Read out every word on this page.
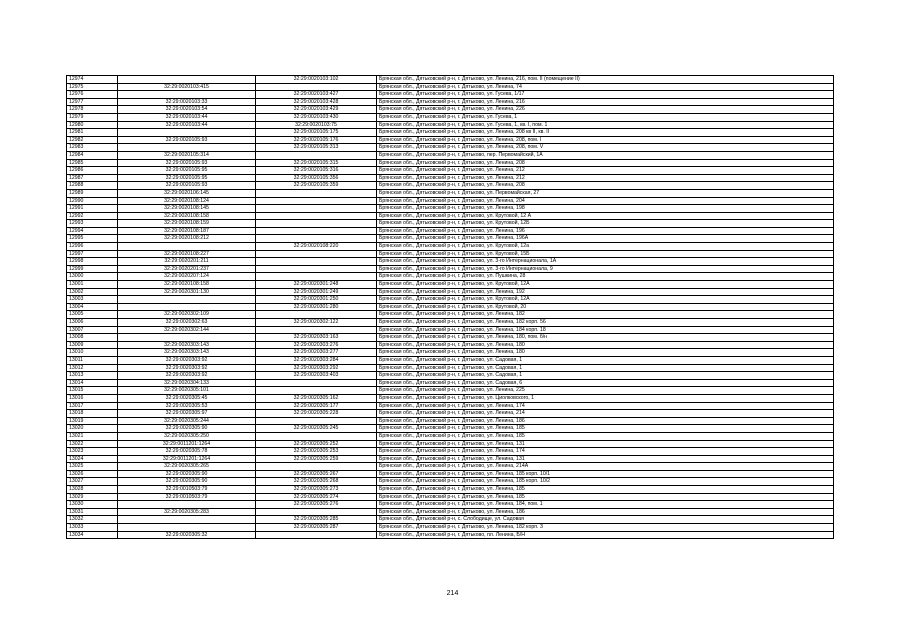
12974		32:29:0020103:102	Брянская обл., Дятьковский р-н, г. Дятьково, ул. Ленина, 216, пом. II (помещение II)
12975	32:29:0020103:415		Брянская обл., Дятьковский р-н, г. Дятьково, ул. Ленина, 74
12976		32:29:0020103:427	Брянская обл., Дятьковский р-н, г. Дятьково, ул. Гусева, 1/17
12977	32:29:0020103:33	32:29:0020103:428	Брянская обл., Дятьковский р-н, г. Дятьково, ул. Ленина, 216
12978	32:29:0020103:54	32:29:0020103:429	Брянская обл., Дятьковский р-н, г. Дятьково, ул. Ленина, 226
12979	32:29:0020103:44	32:29:0020103:430	Брянская обл., Дятьковский р-н, г. Дятьково, ул. Гусева, 1
12980	32:29:0020103:44	32:29:0020103:75	Брянская обл., Дятьковский р-н, г. Дятьково, ул. Гусева, 1, кв. I, пом. 1
12981		32:29:0020105:175	Брянская обл., Дятьковский р-н, г. Дятьково, ул. Ленина, 208 кв II, кв. II
12982	32:29:0020105:93	32:29:0020105:176	Брянская обл., Дятьковский р-н, г. Дятьково, ул. Ленина, 208, пом. I
12983		32:29:0020105:313	Брянская обл., Дятьковский р-н, г. Дятьково, ул. Ленина, 208, пом. V
12984	32:29:0020105:314		Брянская обл., Дятьковский р-н, г. Дятьково, пер. Первомайский, 1А
12985	32:29:0020105:93	32:29:0020105:315	Брянская обл., Дятьковский р-н, г. Дятьково, ул. Ленина, 208
12986	32:29:0020105:95	32:29:0020105:316	Брянская обл., Дятьковский р-н, г. Дятьково, ул. Ленина, 212
12987	32:29:0020105:95	32:29:0020105:356	Брянская обл., Дятьковский р-н, г. Дятьково, ул. Ленина, 212
12988	32:29:0020105:93	32:29:0020105:359	Брянская обл., Дятьковский р-н, г. Дятьково, ул. Ленина, 208
12989	32:29:0020106:145		Брянская обл., Дятьковский р-н, г. Дятьково, ул. Первомайская, 27
12990	32:29:0020108:124		Брянская обл., Дятьковский р-н, г. Дятьково, ул. Ленина, 204
12991	32:29:0020108:145		Брянская обл., Дятьковский р-н, г. Дятьково, ул. Ленина, 198
12992	32:29:0020108:158		Брянская обл., Дятьковский р-н, г. Дятьково, ул. Крутовой, 12 А
12993	32:29:0020108:159		Брянская обл., Дятьковский р-н, г. Дятьково, ул. Крутовой, 12Б
12994	32:29:0020108:187		Брянская обл., Дятьковский р-н, г. Дятьково, ул. Ленина, 196
12995	32:29:0020108:212		Брянская обл., Дятьковский р-н, г. Дятьково, ул. Ленина, 196А
12996		32:29:0020108:220	Брянская обл., Дятьковский р-н, г. Дятьково, ул. Крутовой, 12а
12997	32:29:0020108:227		Брянская обл., Дятьковский р-н, г. Дятьково, ул. Крутовой, 15Б
12998	32:29:0020201:211		Брянская обл., Дятьковский р-н, г. Дятьково, ул. 3-го Интернационала, 1А
12999	32:29:0020201:237		Брянская обл., Дятьковский р-н, г. Дятьково, ул. 3-го Интернационала, 9
13000	32:29:0020207:124		Брянская обл., Дятьковский р-н, г. Дятьково, ул. Пушкина, 28
13001	32:29:0020108:158	32:29:0020301:248	Брянская обл., Дятьковский р-н, г. Дятьково, ул. Крутовой, 12А
13002	32:29:0020301:130	32:29:0020301:249	Брянская обл., Дятьковский р-н, г. Дятьково, ул. Ленина, 192
13003		32:29:0020301:250	Брянская обл., Дятьковский р-н, г. Дятьково, ул. Крутовой, 12А
13004		32:29:0020301:280	Брянская обл., Дятьковский р-н, г. Дятьково, ул. Крутовой, 20
13005	32:29:0020302:109		Брянская обл., Дятьковский р-н, г. Дятьково, ул. Ленина, 182
13006	32:29:0020302:63	32:29:0020302:122	Брянская обл., Дятьковский р-н, г. Дятьково, ул. Ленина, 182 корп. 56
13007	32:29:0020302:144		Брянская обл., Дятьковский р-н, г. Дятьково, ул. Ленина, 184 корп. 18
13008		32:29:0020303:163	Брянская обл., Дятьковский р-н, г. Дятьково, ул. Ленина, 180, пом. б/н
13009	32:29:0020303:143	32:29:0020303:276	Брянская обл., Дятьковский р-н, г. Дятьково, ул. Ленина, 180
13010	32:29:0020303:143	32:29:0020303:277	Брянская обл., Дятьковский р-н, г. Дятьково, ул. Ленина, 180
13011	32:29:0020303:92	32:29:0020303:284	Брянская обл., Дятьковский р-н, г. Дятьково, ул. Садовая, 1
13012	32:29:0020303:92	32:29:0020303:292	Брянская обл., Дятьковский р-н, г. Дятьково, ул. Садовая, 1
13013	32:29:0020303:92	32:29:0020303:403	Брянская обл., Дятьковский р-н, г. Дятьково, ул. Садовая, 1
13014	32:29:0020304:133		Брянская обл., Дятьковский р-н, г. Дятьково, ул. Садовая, 6
13015	32:29:0020305:101		Брянская обл., Дятьковский р-н, г. Дятьково, ул. Ленина, 225
13016	32:29:0020305:45	32:29:0020305:162	Брянская обл., Дятьковский р-н, г. Дятьково, ул. Циолковского, 1
13017	32:29:0020305:53	32:29:0020305:177	Брянская обл., Дятьковский р-н, г. Дятьково, ул. Ленина, 174
13018	32:29:0020305:97	32:29:0020305:228	Брянская обл., Дятьковский р-н, г. Дятьково, ул. Ленина, 214
13019	32:29:0020305:244		Брянская обл., Дятьковский р-н, г. Дятьково, ул. Ленина, 186
13020	32:29:0020305:90	32:29:0020305:245	Брянская обл., Дятьковский р-н, г. Дятьково, ул. Ленина, 185
13021	32:29:0020305:250		Брянская обл., Дятьковский р-н, г. Дятьково, ул. Ленина, 185
13022	32:29:0011201:1264	32:29:0020305:252	Брянская обл., Дятьковский р-н, г. Дятьково, ул. Ленина, 131
13023	32:29:0020305:78	32:29:0020305:253	Брянская обл., Дятьковский р-н, г. Дятьково, ул. Ленина, 174
13024	32:29:0011201:1264	32:29:0020305:259	Брянская обл., Дятьковский р-н, г. Дятьково, ул. Ленина, 131
13025	32:29:0020305:265		Брянская обл., Дятьковский р-н, г. Дятьково, ул. Ленина, 214А
13026	32:29:0020305:90	32:29:0020305:267	Брянская обл., Дятьковский р-н, г. Дятьково, ул. Ленина, 185 корп. 10/1
13027	32:29:0020305:90	32:29:0020305:268	Брянская обл., Дятьковский р-н, г. Дятьково, ул. Ленина, 185 корп. 10/2
13028	32:29:0010503:79	32:29:0020305:273	Брянская обл., Дятьковский р-н, г. Дятьково, ул. Ленина, 185
13029	32:29:0010503:79	32:29:0020305:274	Брянская обл., Дятьковский р-н, г. Дятьково, ул. Ленина, 185
13030		32:29:0020305:276	Брянская обл., Дятьковский р-н, г. Дятьково, ул. Ленина, 184, пом. 1
13031	32:29:0020305:283		Брянская обл., Дятьковский р-н, г. Дятьково, ул. Ленина, 186
13032		32:29:0020305:285	Брянская обл., Дятьковский р-н, с. Слободище, ул. Садовая
13033		32:29:0020305:287	Брянская обл., Дятьковский р-н, г. Дятьково, ул. Ленина, 182 корп. 3
13034	32:29:0020305:32		Брянская обл., Дятьковский р-н, г. Дятьково, пл. Ленина, Б/Н
214
